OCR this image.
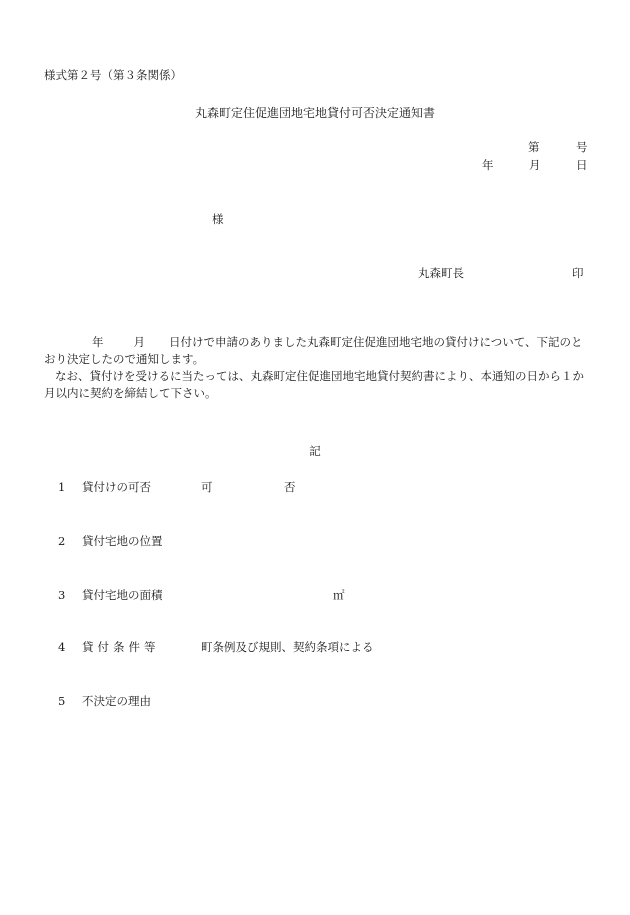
様式第２号（第３条関係）
丸森町定住促進団地宅地貸付可否決定通知書
第	号
年	月	日
様
丸森町長	印

年	月 日付けで申請のありました丸森町定住促進団地宅地の貸付けについて、下記のとおり決定したので通知します。

なお、貸付けを受けるに当たっては、丸森町定住促進団地宅地貸付契約書により、本通知の日から１か月以内に契約を締結して下さい。

記
1 貸付けの可否	可	否
2 貸付宅地の位置
3 貸付宅地の面積	㎡
4 貸付条件等	町条例及び規則、契約条項による
5 不決定の理由
